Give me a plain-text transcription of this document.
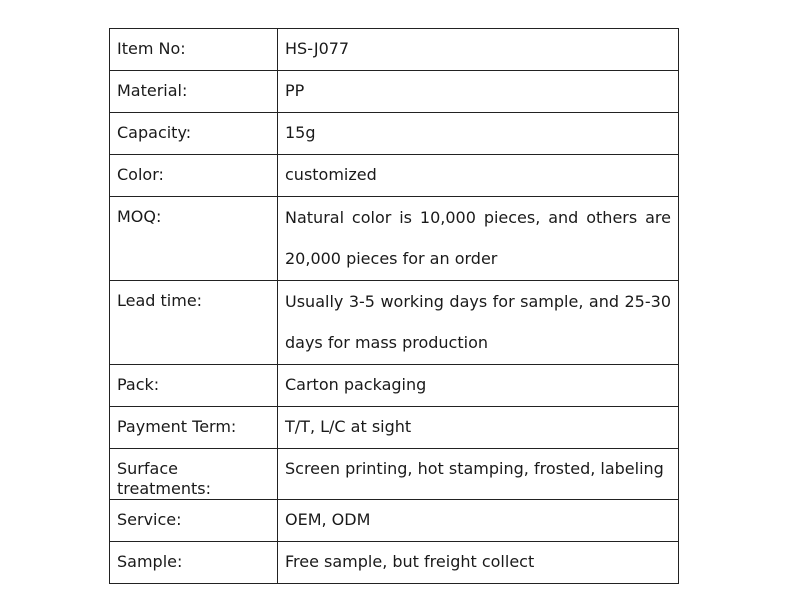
Item No:	HS-J077
Material:	PP
Capacity:	15g
Color:	customized
MOQ:	Natural color is 10,000 pieces, and others are 20,000 pieces for an order
Lead time:	Usually 3-5 working days for sample, and 25-30 days for mass production
Pack:	Carton packaging
Payment Term:	T/T, L/C at sight
Surface treatments:	Screen printing, hot stamping, frosted, labeling
Service:	OEM, ODM
Sample:	Free sample, but freight collect
